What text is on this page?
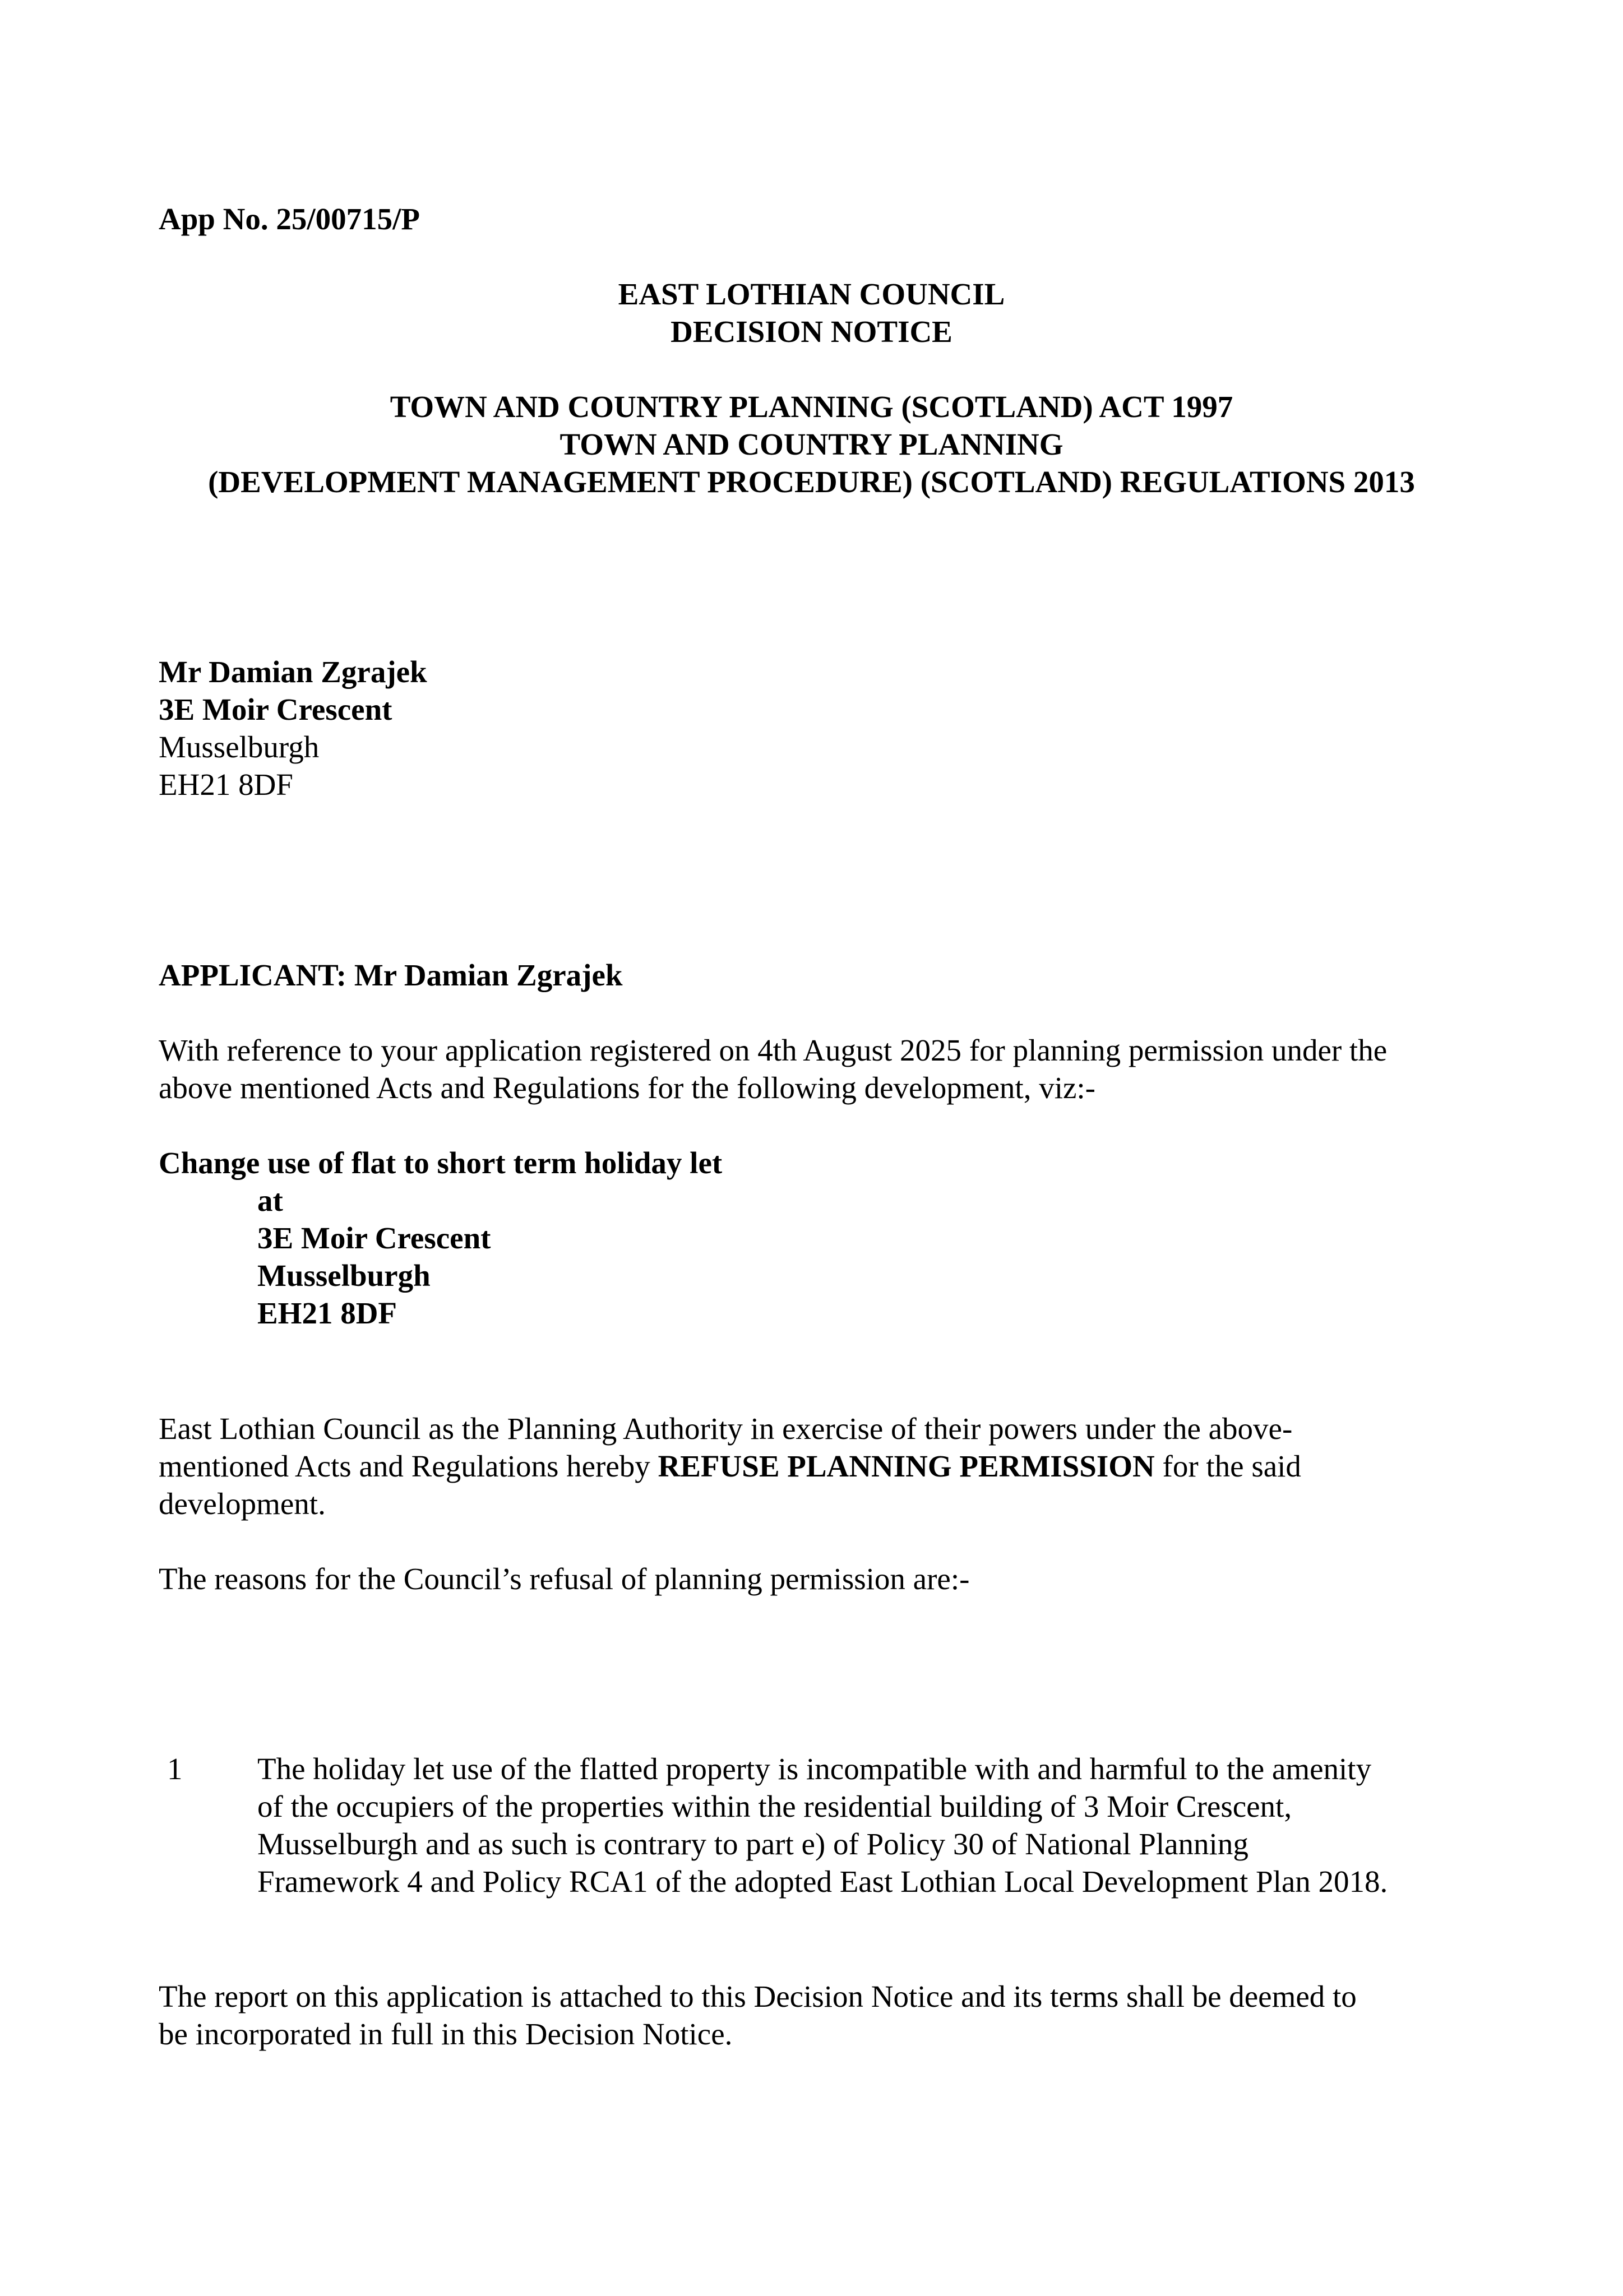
App No. 25/00715/P
EAST LOTHIAN COUNCIL
DECISION NOTICE
TOWN AND COUNTRY PLANNING (SCOTLAND) ACT 1997
TOWN AND COUNTRY PLANNING
(DEVELOPMENT MANAGEMENT PROCEDURE) (SCOTLAND) REGULATIONS 2013
Mr Damian Zgrajek
3E Moir Crescent
Musselburgh
EH21 8DF
APPLICANT: Mr Damian Zgrajek
With reference to your application registered on 4th August 2025 for planning permission under the
above mentioned Acts and Regulations for the following development, viz:-
Change use of flat to short term holiday let
at
3E Moir Crescent
Musselburgh
EH21 8DF
East Lothian Council as the Planning Authority in exercise of their powers under the above-
mentioned Acts and Regulations hereby REFUSE PLANNING PERMISSION for the said
development.
The reasons for the Council’s refusal of planning permission are:-
1 The holiday let use of the flatted property is incompatible with and harmful to the amenity
of the occupiers of the properties within the residential building of 3 Moir Crescent,
Musselburgh and as such is contrary to part e) of Policy 30 of National Planning
Framework 4 and Policy RCA1 of the adopted East Lothian Local Development Plan 2018.
The report on this application is attached to this Decision Notice and its terms shall be deemed to
be incorporated in full in this Decision Notice.
